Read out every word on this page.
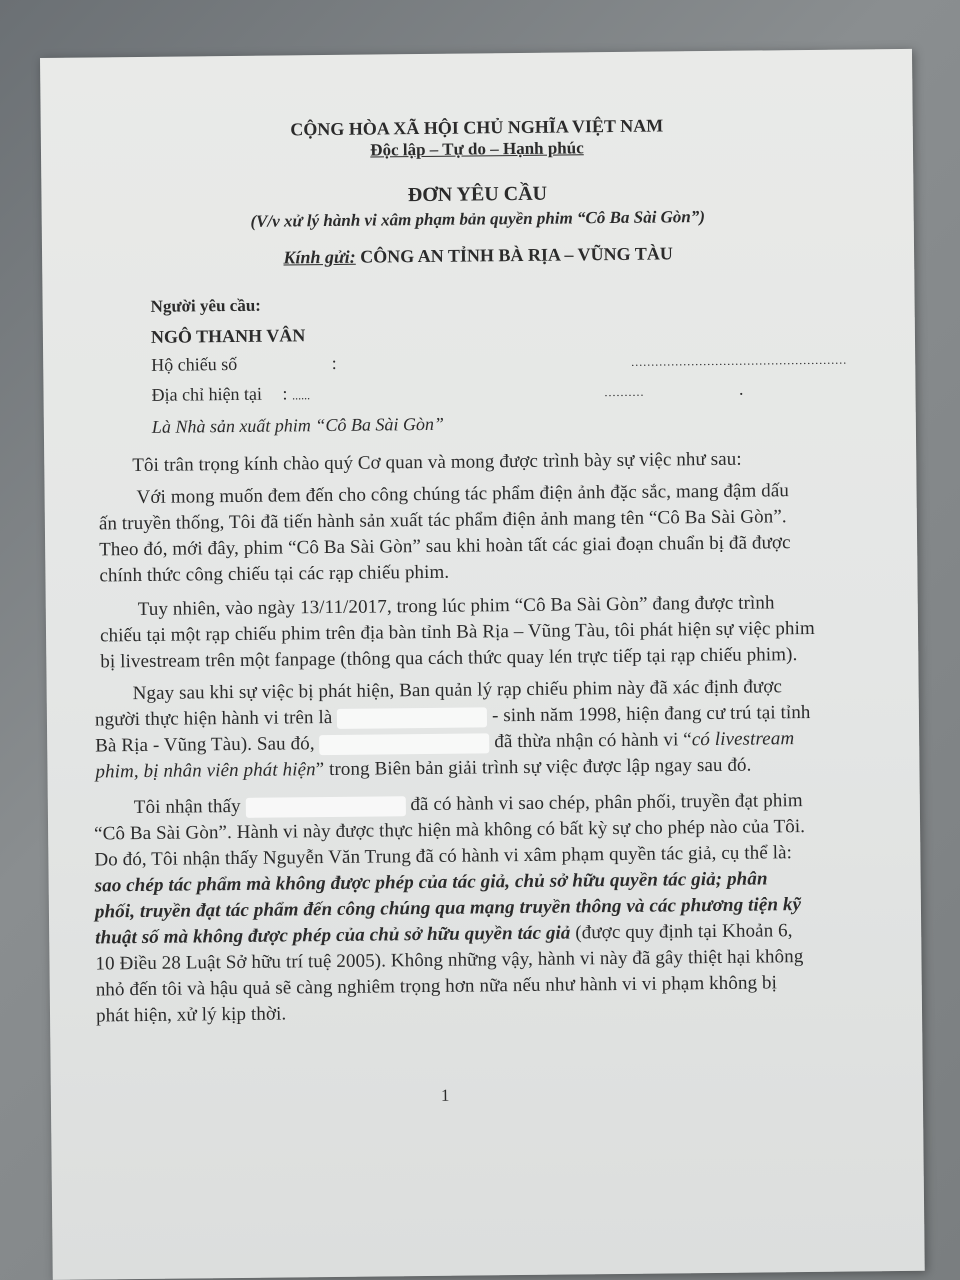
CỘNG HÒA XÃ HỘI CHỦ NGHĨA VIỆT NAM
Độc lập – Tự do – Hạnh phúc
ĐƠN YÊU CẦU
(V/v xử lý hành vi xâm phạm bản quyền phim “Cô Ba Sài Gòn”)
Kính gửi: CÔNG AN TỈNH BÀ RỊA – VŨNG TÀU
Người yêu cầu:
NGÔ THANH VÂN
Hộ chiếu số	:	......................................................
Địa chỉ hiện tại : ......	..........	.
Là Nhà sản xuất phim “Cô Ba Sài Gòn”
Tôi trân trọng kính chào quý Cơ quan và mong được trình bày sự việc như sau:
Với mong muốn đem đến cho công chúng tác phẩm điện ảnh đặc sắc, mang đậm dấu
ấn truyền thống, Tôi đã tiến hành sản xuất tác phẩm điện ảnh mang tên “Cô Ba Sài Gòn”.
Theo đó, mới đây, phim “Cô Ba Sài Gòn” sau khi hoàn tất các giai đoạn chuẩn bị đã được
chính thức công chiếu tại các rạp chiếu phim.
Tuy nhiên, vào ngày 13/11/2017, trong lúc phim “Cô Ba Sài Gòn” đang được trình
chiếu tại một rạp chiếu phim trên địa bàn tỉnh Bà Rịa – Vũng Tàu, tôi phát hiện sự việc phim
bị livestream trên một fanpage (thông qua cách thức quay lén trực tiếp tại rạp chiếu phim).
Ngay sau khi sự việc bị phát hiện, Ban quản lý rạp chiếu phim này đã xác định được
người thực hiện hành vi trên là	- sinh năm 1998, hiện đang cư trú tại tỉnh
Bà Rịa - Vũng Tàu). Sau đó,	đã thừa nhận có hành vi “có livestream
phim, bị nhân viên phát hiện” trong Biên bản giải trình sự việc được lập ngay sau đó.
Tôi nhận thấy	đã có hành vi sao chép, phân phối, truyền đạt phim
“Cô Ba Sài Gòn”. Hành vi này được thực hiện mà không có bất kỳ sự cho phép nào của Tôi.
Do đó, Tôi nhận thấy Nguyễn Văn Trung đã có hành vi xâm phạm quyền tác giả, cụ thể là:
sao chép tác phẩm mà không được phép của tác giả, chủ sở hữu quyền tác giả; phân
phối, truyền đạt tác phẩm đến công chúng qua mạng truyền thông và các phương tiện kỹ
thuật số mà không được phép của chủ sở hữu quyền tác giả (được quy định tại Khoản 6,
10 Điều 28 Luật Sở hữu trí tuệ 2005). Không những vậy, hành vi này đã gây thiệt hại không
nhỏ đến tôi và hậu quả sẽ càng nghiêm trọng hơn nữa nếu như hành vi vi phạm không bị
phát hiện, xử lý kịp thời.
1
